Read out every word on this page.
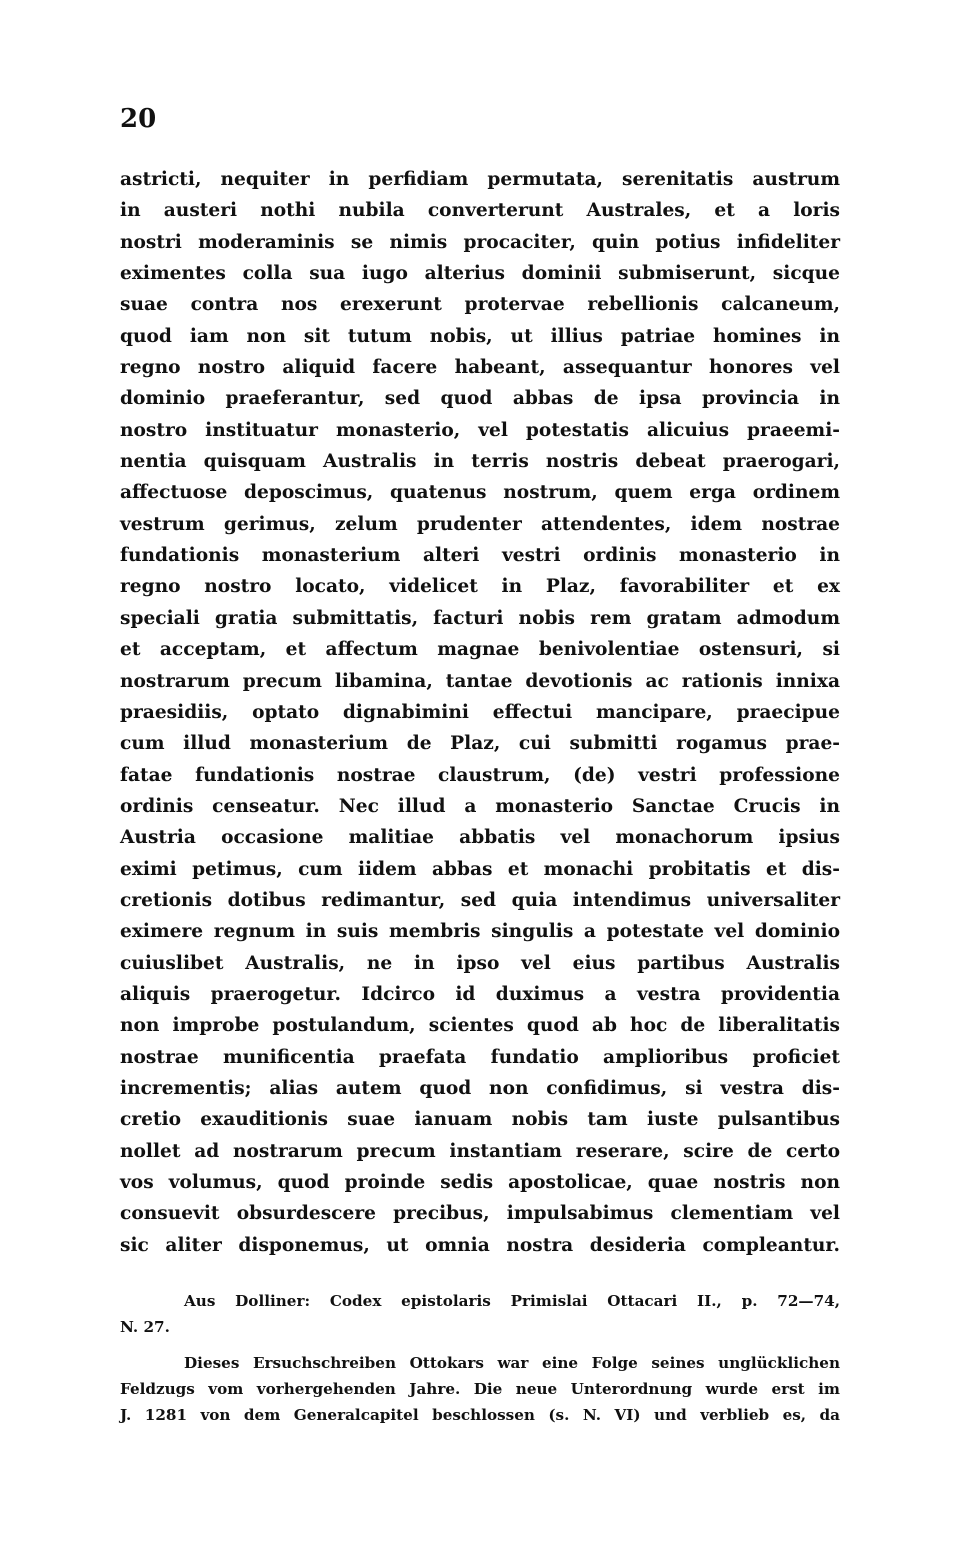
20
astricti, nequiter in perfidiam permutata, serenitatis austrum
in austeri nothi nubila converterunt Australes, et a loris
nostri moderaminis se nimis procaciter, quin potius infideliter
eximentes colla sua iugo alterius dominii submiserunt, sicque
suae contra nos erexerunt protervae rebellionis calcaneum,
quod iam non sit tutum nobis, ut illius patriae homines in
regno nostro aliquid facere habeant, assequantur honores vel
dominio praeferantur, sed quod abbas de ipsa provincia in
nostro instituatur monasterio, vel potestatis alicuius praeemi-
nentia quisquam Australis in terris nostris debeat praerogari,
affectuose deposcimus, quatenus nostrum, quem erga ordinem
vestrum gerimus, zelum prudenter attendentes, idem nostrae
fundationis monasterium alteri vestri ordinis monasterio in
regno nostro locato, videlicet in Plaz, favorabiliter et ex
speciali gratia submittatis, facturi nobis rem gratam admodum
et acceptam, et affectum magnae benivolentiae ostensuri, si
nostrarum precum libamina, tantae devotionis ac rationis innixa
praesidiis, optato dignabimini effectui mancipare, praecipue
cum illud monasterium de Plaz, cui submitti rogamus prae-
fatae fundationis nostrae claustrum, (de) vestri professione
ordinis censeatur. Nec illud a monasterio Sanctae Crucis in
Austria occasione malitiae abbatis vel monachorum ipsius
eximi petimus, cum iidem abbas et monachi probitatis et dis-
cretionis dotibus redimantur, sed quia intendimus universaliter
eximere regnum in suis membris singulis a potestate vel dominio
cuiuslibet Australis, ne in ipso vel eius partibus Australis
aliquis praerogetur. Idcirco id duximus a vestra providentia
non improbe postulandum, scientes quod ab hoc de liberalitatis
nostrae munificentia praefata fundatio amplioribus proficiet
incrementis; alias autem quod non confidimus, si vestra dis-
cretio exauditionis suae ianuam nobis tam iuste pulsantibus
nollet ad nostrarum precum instantiam reserare, scire de certo
vos volumus, quod proinde sedis apostolicae, quae nostris non
consuevit obsurdescere precibus, impulsabimus clementiam vel
sic aliter disponemus, ut omnia nostra desideria compleantur.
Aus Dolliner: Codex epistolaris Primislai Ottacari II., p. 72—74,
N. 27.
Dieses Ersuchschreiben Ottokars war eine Folge seines unglücklichen
Feldzugs vom vorhergehenden Jahre. Die neue Unterordnung wurde erst im
J. 1281 von dem Generalcapitel beschlossen (s. N. VI) und verblieb es, da
